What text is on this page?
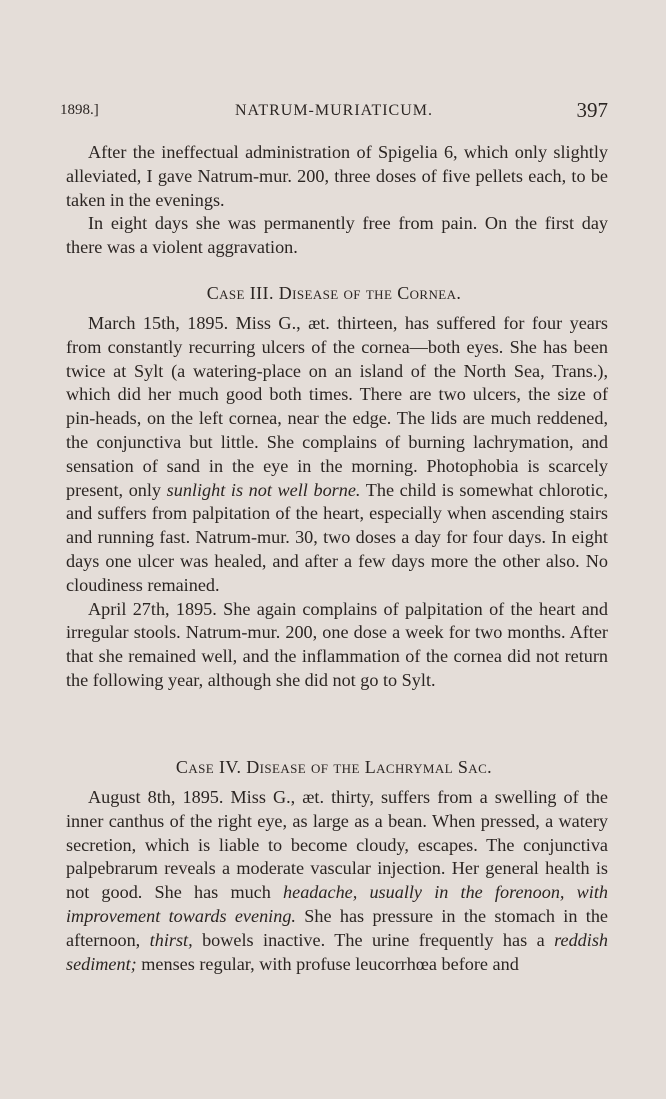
1898.]	NATRUM-MURIATICUM.	397

After the ineffectual administration of Spigelia 6, which only slightly alleviated, I gave Natrum-mur. 200, three doses of five pellets each, to be taken in the evenings.

In eight days she was permanently free from pain. On the first day there was a violent aggravation.

Case III. Disease of the Cornea.

March 15th, 1895. Miss G., æt. thirteen, has suffered for four years from constantly recurring ulcers of the cornea—both eyes. She has been twice at Sylt (a watering-place on an island of the North Sea, Trans.), which did her much good both times. There are two ulcers, the size of pin-heads, on the left cornea, near the edge. The lids are much reddened, the conjunctiva but little. She complains of burning lachrymation, and sensation of sand in the eye in the morning. Photophobia is scarcely present, only sunlight is not well borne. The child is somewhat chlorotic, and suffers from palpitation of the heart, especially when ascending stairs and running fast. Natrum-mur. 30, two doses a day for four days. In eight days one ulcer was healed, and after a few days more the other also. No cloudiness remained.

April 27th, 1895. She again complains of palpitation of the heart and irregular stools. Natrum-mur. 200, one dose a week for two months. After that she remained well, and the inflammation of the cornea did not return the following year, although she did not go to Sylt.

Case IV. Disease of the Lachrymal Sac.

August 8th, 1895. Miss G., æt. thirty, suffers from a swelling of the inner canthus of the right eye, as large as a bean. When pressed, a watery secretion, which is liable to become cloudy, escapes. The conjunctiva palpebrarum reveals a moderate vascular injection. Her general health is not good. She has much headache, usually in the forenoon, with improvement towards evening. She has pressure in the stomach in the afternoon, thirst, bowels inactive. The urine frequently has a reddish sediment; menses regular, with profuse leucorrhœa before and
